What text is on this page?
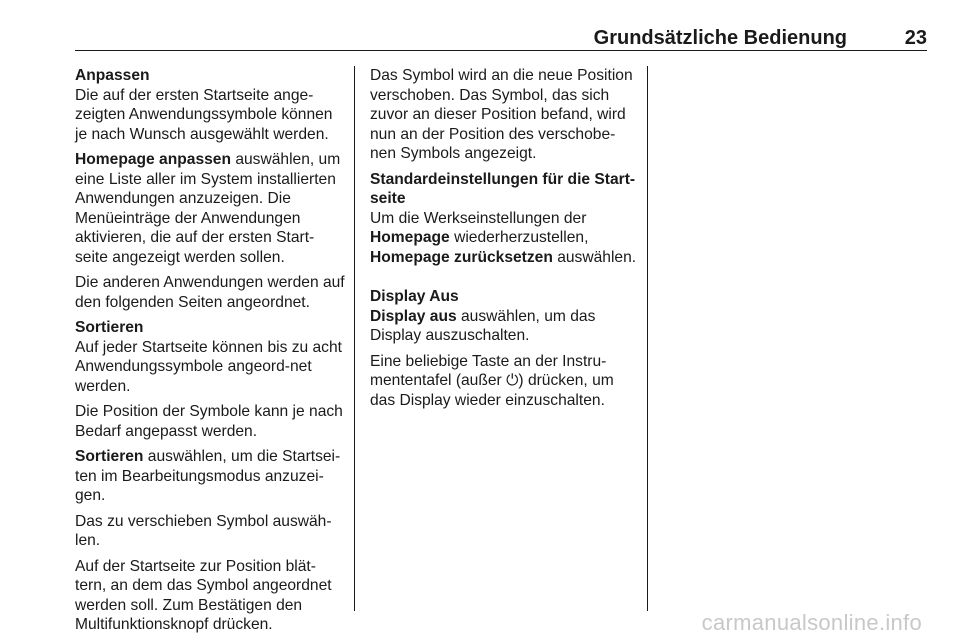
Grundsätzliche Bedienung	23

Anpassen
Die auf der ersten Startseite ange‐zeigten Anwendungssymbole können je nach Wunsch ausgewählt werden.

Homepage anpassen auswählen, um eine Liste aller im System installierten Anwendungen anzuzeigen. Die Menüeinträge der Anwendungen aktivieren, die auf der ersten Start‐seite angezeigt werden sollen.

Die anderen Anwendungen werden auf den folgenden Seiten angeordnet.

Sortieren
Auf jeder Startseite können bis zu acht Anwendungssymbole angeord‐net werden.

Die Position der Symbole kann je nach Bedarf angepasst werden.

Sortieren auswählen, um die Startsei‐ten im Bearbeitungsmodus anzuzei‐gen.

Das zu verschieben Symbol auswäh‐len.

Auf der Startseite zur Position blät‐tern, an dem das Symbol angeordnet werden soll. Zum Bestätigen den Multifunktionsknopf drücken.

Das Symbol wird an die neue Position verschoben. Das Symbol, das sich zuvor an dieser Position befand, wird nun an der Position des verschobe‐nen Symbols angezeigt.

Standardeinstellungen für die Start‐seite
Um die Werkseinstellungen der Homepage wiederherzustellen, Homepage zurücksetzen auswählen.

Display Aus
Display aus auswählen, um das Display auszuschalten.

Eine beliebige Taste an der Instru‐mententafel (außer ⏻) drücken, um das Display wieder einzuschalten.

carmanualsonline.info
